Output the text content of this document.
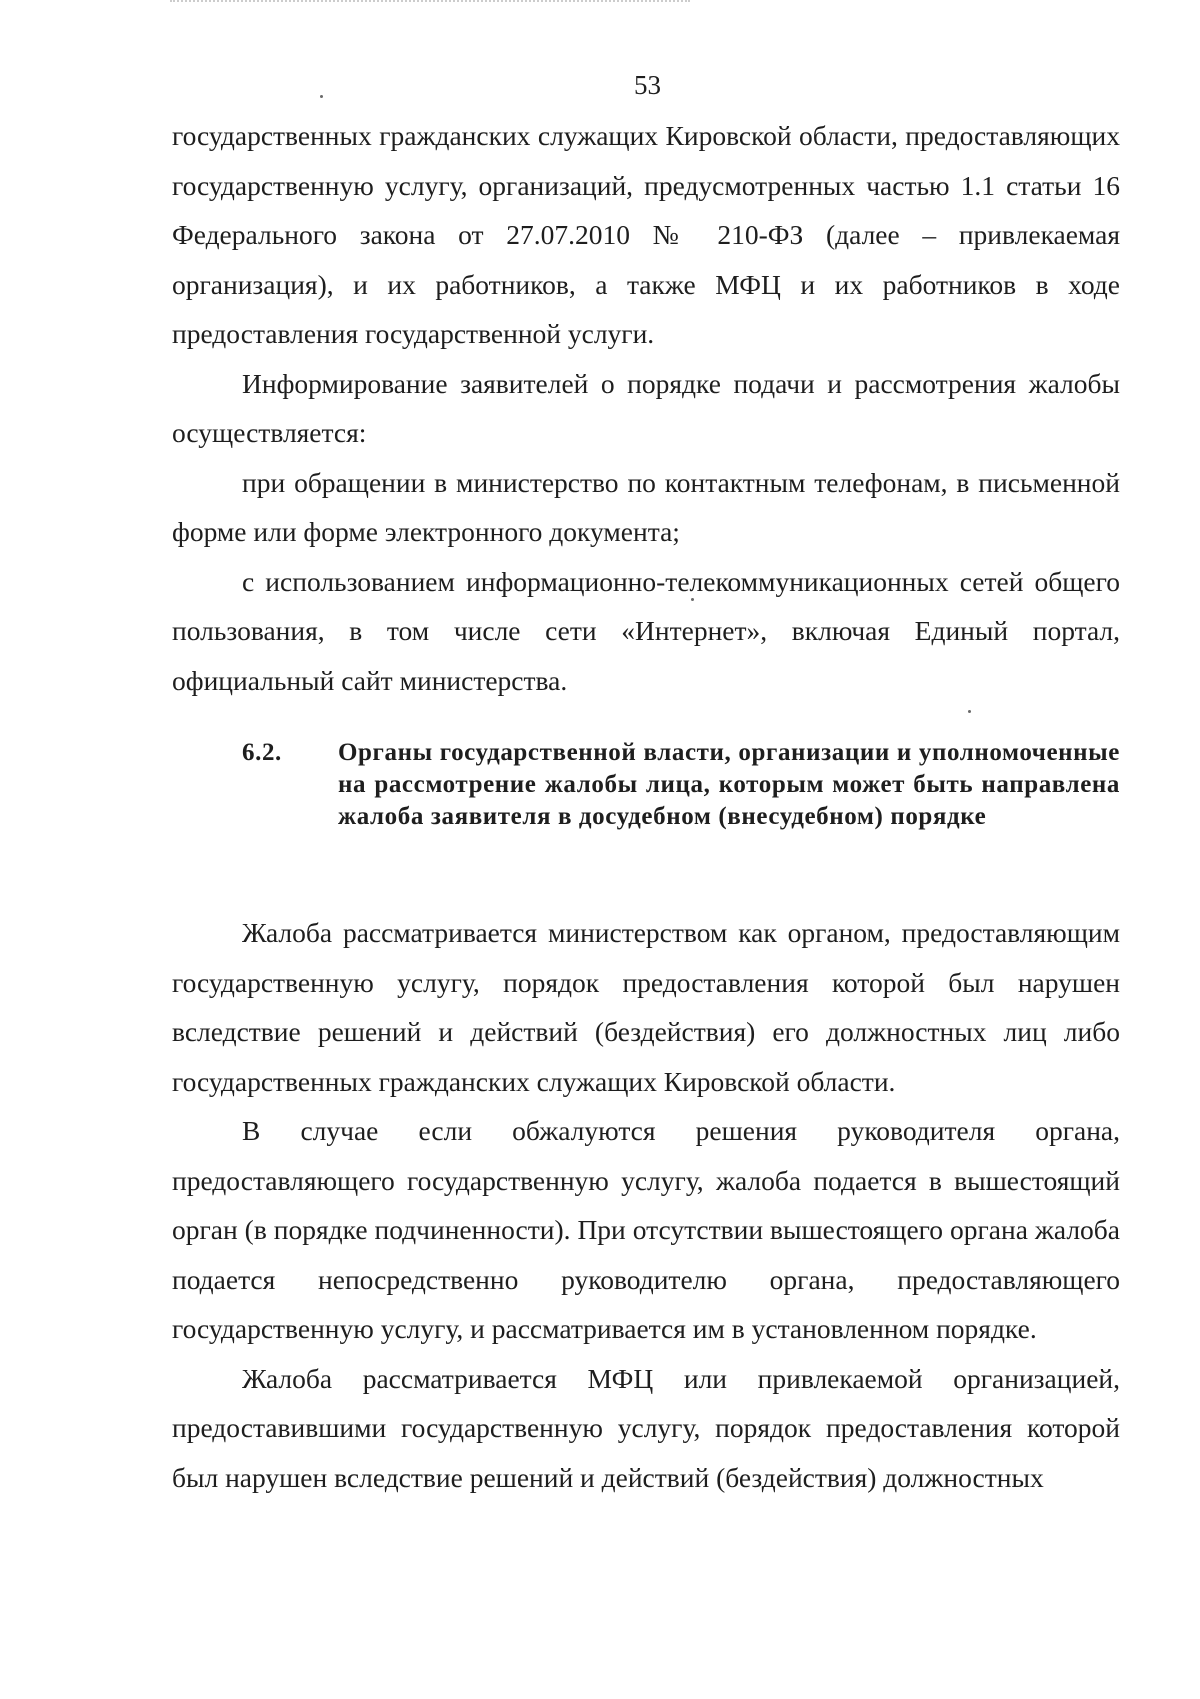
53

государственных гражданских служащих Кировской области, предоставляющих государственную услугу, организаций, предусмотренных частью 1.1 статьи 16 Федерального закона от 27.07.2010 № 210-ФЗ (далее – привлекаемая организация), и их работников, а также МФЦ и их работников в ходе предоставления государственной услуги.

Информирование заявителей о порядке подачи и рассмотрения жалобы осуществляется:

при обращении в министерство по контактным телефонам, в письменной форме или форме электронного документа;

с использованием информационно-телекоммуникационных сетей общего пользования, в том числе сети «Интернет», включая Единый портал, официальный сайт министерства.

6.2.	Органы государственной власти, организации и уполномоченные на рассмотрение жалобы лица, которым может быть направлена жалоба заявителя в досудебном (внесудебном) порядке

Жалоба рассматривается министерством как органом, предоставляющим государственную услугу, порядок предоставления которой был нарушен вследствие решений и действий (бездействия) его должностных лиц либо государственных гражданских служащих Кировской области.

В случае если обжалуются решения руководителя органа, предоставляющего государственную услугу, жалоба подается в вышестоящий орган (в порядке подчиненности). При отсутствии вышестоящего органа жалоба подается непосредственно руководителю органа, предоставляющего государственную услугу, и рассматривается им в установленном порядке.

Жалоба рассматривается МФЦ или привлекаемой организацией, предоставившими государственную услугу, порядок предоставления которой был нарушен вследствие решений и действий (бездействия) должностных
